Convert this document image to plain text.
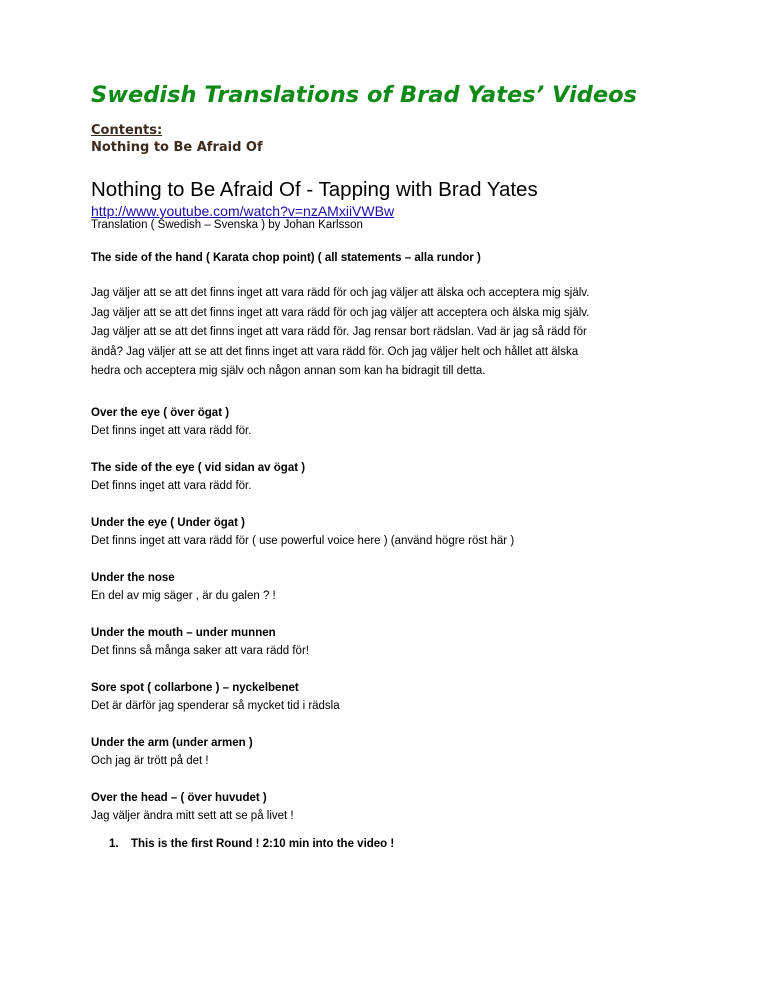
Swedish Translations of Brad Yates’ Videos
Contents:
Nothing to Be Afraid Of
Nothing to Be Afraid Of - Tapping with Brad Yates
http://www.youtube.com/watch?v=nzAMxiiVWBw
Translation ( Swedish – Svenska ) by Johan Karlsson
The side of the hand ( Karata chop point) ( all statements – alla rundor )
Jag väljer att se att det finns inget att vara rädd för och jag väljer att älska och acceptera mig själv.
Jag väljer att se att det finns inget att vara rädd för och jag väljer att acceptera och älska mig själv.
Jag väljer att se att det finns inget att vara rädd för. Jag rensar bort rädslan. Vad är jag så rädd för
ändå? Jag väljer att se att det finns inget att vara rädd för. Och jag väljer helt och hållet att älska
hedra och acceptera mig själv och någon annan som kan ha bidragit till detta.
Over the eye ( över ögat )
Det finns inget att vara rädd för.
The side of the eye ( vid sidan av ögat )
Det finns inget att vara rädd för.
Under the eye ( Under ögat )
Det finns inget att vara rädd för ( use powerful voice here ) (använd högre röst här )
Under the nose
En del av mig säger , är du galen ? !
Under the mouth – under munnen
Det finns så många saker att vara rädd för!
Sore spot ( collarbone ) – nyckelbenet
Det är därför jag spenderar så mycket tid i rädsla
Under the arm (under armen )
Och jag är trött på det !
Over the head – ( över huvudet )
Jag väljer ändra mitt sett att se på livet !
1. This is the first Round ! 2:10 min into the video !
